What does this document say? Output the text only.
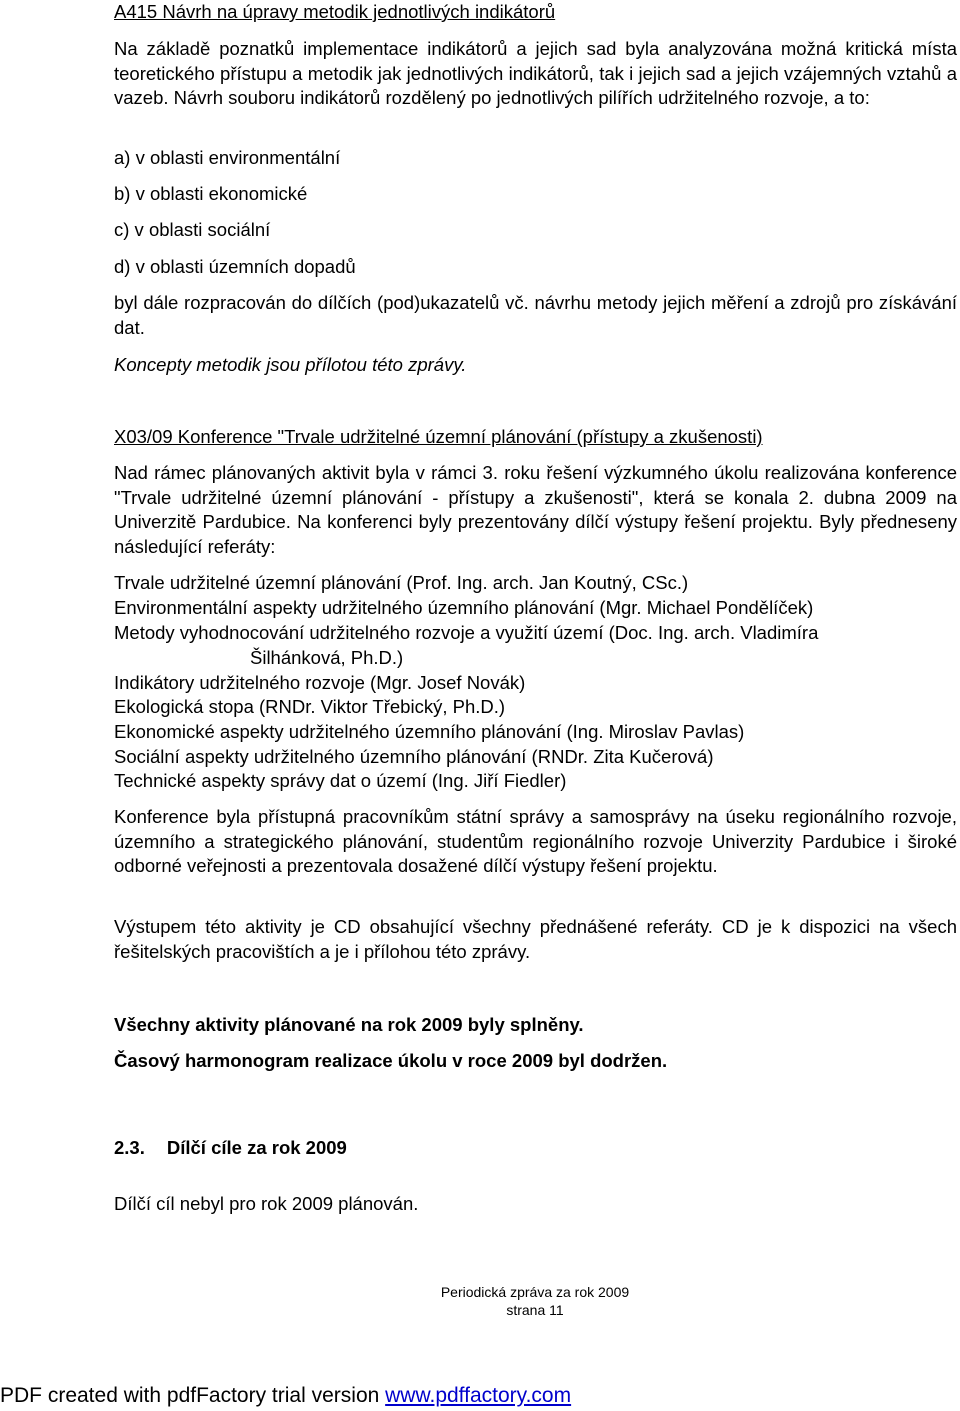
A415 Návrh na úpravy metodik jednotlivých indikátorů
Na základě poznatků implementace indikátorů a jejich sad byla analyzována možná kritická místa teoretického přístupu a metodik jak jednotlivých indikátorů, tak i jejich sad a jejich vzájemných vztahů a vazeb. Návrh souboru indikátorů rozdělený po jednotlivých pilířích udržitelného rozvoje, a to:
a) v oblasti environmentální
b) v oblasti ekonomické
c) v oblasti sociální
d) v oblasti územních dopadů
byl dále rozpracován do dílčích (pod)ukazatelů vč. návrhu metody jejich měření a zdrojů pro získávání dat.
Koncepty metodik jsou přílotou této zprávy.
X03/09 Konference "Trvale udržitelné územní plánování (přístupy a zkušenosti)
Nad rámec plánovaných aktivit byla v rámci 3. roku řešení výzkumného úkolu realizována konference "Trvale udržitelné územní plánování - přístupy a zkušenosti", která se konala 2. dubna 2009 na Univerzitě Pardubice. Na konferenci byly prezentovány dílčí výstupy řešení projektu. Byly předneseny následující referáty:
Trvale udržitelné územní plánování (Prof. Ing. arch. Jan Koutný, CSc.)
Environmentální aspekty udržitelného územního plánování (Mgr. Michael Pondělíček)
Metody vyhodnocování udržitelného rozvoje a využití území (Doc. Ing. arch. Vladimíra
Šilhánková, Ph.D.)
Indikátory udržitelného rozvoje (Mgr. Josef Novák)
Ekologická stopa (RNDr. Viktor Třebický, Ph.D.)
Ekonomické aspekty udržitelného územního plánování (Ing. Miroslav Pavlas)
Sociální aspekty udržitelného územního plánování (RNDr. Zita Kučerová)
Technické aspekty správy dat o území (Ing. Jiří Fiedler)
Konference byla přístupná pracovníkům státní správy a samosprávy na úseku regionálního rozvoje, územního a strategického plánování, studentům regionálního rozvoje Univerzity Pardubice i široké odborné veřejnosti a prezentovala dosažené dílčí výstupy řešení projektu.
Výstupem této aktivity je CD obsahující všechny přednášené referáty. CD je k dispozici na všech řešitelských pracovištích a je i přílohou této zprávy.
Všechny aktivity plánované na rok 2009 byly splněny.
Časový harmonogram realizace úkolu v roce 2009 byl dodržen.
2.3. Dílčí cíle za rok 2009
Dílčí cíl nebyl pro rok 2009 plánován.
Periodická zpráva za rok 2009
strana 11
PDF created with pdfFactory trial version www.pdffactory.com
